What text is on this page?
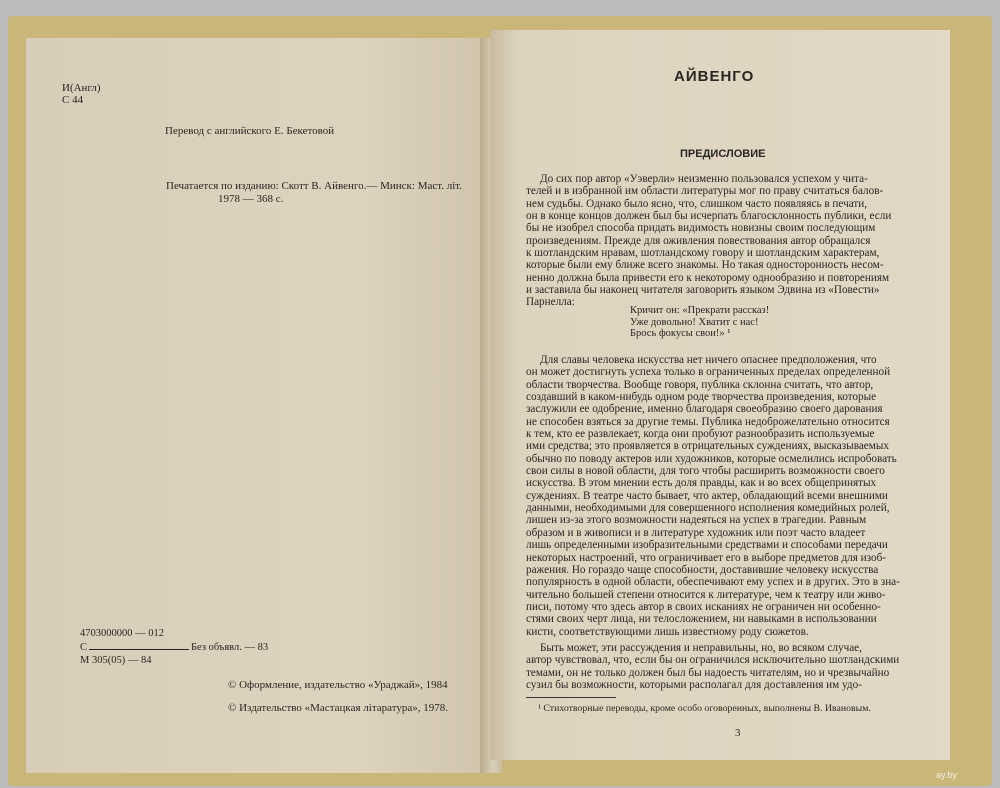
И(Англ)
С 44
Перевод с английского Е. Бекетовой
Печатается по изданию: Скотт В. Айвенго.— Минск: Маст. літ.
1978 — 368 с.
4703000000 — 012
С	Без объявл. — 83
М 305(05) — 84
© Оформление, издательство «Ураджай», 1984
© Издательство «Мастацкая літаратура», 1978.
АЙВЕНГО
ПРЕДИСЛОВИЕ
До сих пор автор «Уэверли» неизменно пользовался успехом у чита-
телей и в избранной им области литературы мог по праву считаться балов-
нем судьбы. Однако было ясно, что, слишком часто появляясь в печати,
он в конце концов должен был бы исчерпать благосклонность публики, если
бы не изобрел способа придать видимость новизны своим последующим
произведениям. Прежде для оживления повествования автор обращался
к шотландским нравам, шотландскому говору и шотландским характерам,
которые были ему ближе всего знакомы. Но такая односторонность несом-
ненно должна была привести его к некоторому однообразию и повторениям
и заставила бы наконец читателя заговорить языком Эдвина из «Повести»
Парнелла:
Кричит он: «Прекрати рассказ!
Уже довольно! Хватит с нас!
Брось фокусы свои!» ¹
Для славы человека искусства нет ничего опаснее предположения, что
он может достигнуть успеха только в ограниченных пределах определенной
области творчества. Вообще говоря, публика склонна считать, что автор,
создавший в каком-нибудь одном роде творчества произведения, которые
заслужили ее одобрение, именно благодаря своеобразию своего дарования
не способен взяться за другие темы. Публика недоброжелательно относится
к тем, кто ее развлекает, когда они пробуют разнообразить используемые
ими средства; это проявляется в отрицательных суждениях, высказываемых
обычно по поводу актеров или художников, которые осмелились испробовать
свои силы в новой области, для того чтобы расширить возможности своего
искусства. В этом мнении есть доля правды, как и во всех общепринятых
суждениях. В театре часто бывает, что актер, обладающий всеми внешними
данными, необходимыми для совершенного исполнения комедийных ролей,
лишен из-за этого возможности надеяться на успех в трагедии. Равным
образом и в живописи и в литературе художник или поэт часто владеет
лишь определенными изобразительными средствами и способами передачи
некоторых настроений, что ограничивает его в выборе предметов для изоб-
ражения. Но гораздо чаще способности, доставившие человеку искусства
популярность в одной области, обеспечивают ему успех и в других. Это в зна-
чительно большей степени относится к литературе, чем к театру или живо-
писи, потому что здесь автор в своих исканиях не ограничен ни особенно-
стями своих черт лица, ни телосложением, ни навыками в использовании
кисти, соответствующими лишь известному роду сюжетов.
Быть может, эти рассуждения и неправильны, но, во всяком случае,
автор чувствовал, что, если бы он ограничился исключительно шотландскими
темами, он не только должен был бы надоесть читателям, но и чрезвычайно
сузил бы возможности, которыми располагал для доставления им удо-
¹ Стихотворные переводы, кроме особо оговоренных, выполнены В. Ивановым.
3
ay.by
